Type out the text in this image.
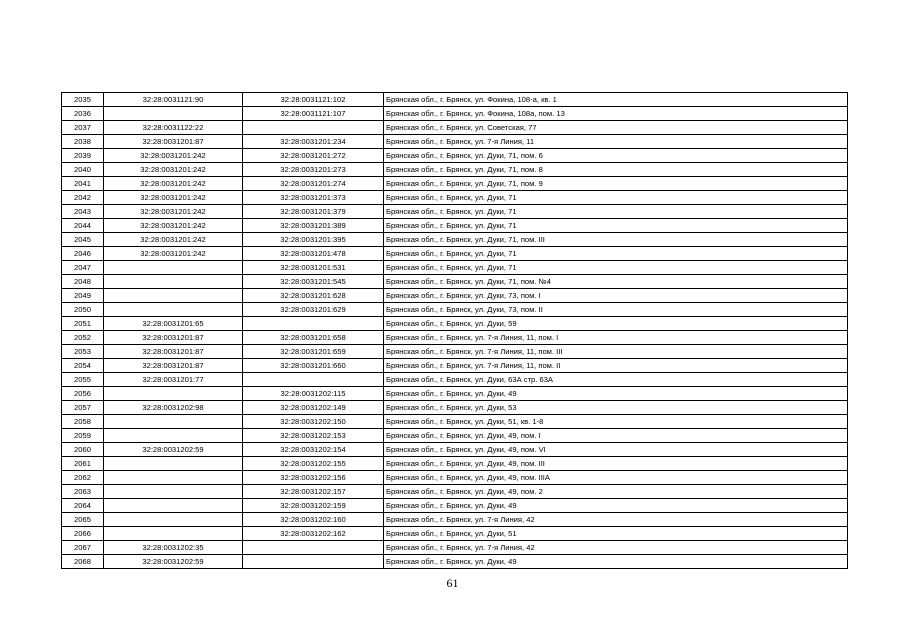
2035	32:28:0031121:90	32:28:0031121:102	Брянская обл., г. Брянск, ул. Фокина, 108-а, кв. 1
2036		32:28:0031121:107	Брянская обл., г. Брянск, ул. Фокина, 108а, пом. 13
2037	32:28:0031122:22		Брянская обл., г. Брянск, ул. Советская, 77
2038	32:28:0031201:87	32:28:0031201:234	Брянская обл., г. Брянск, ул. 7-я Линия, 11
2039	32:28:0031201:242	32:28:0031201:272	Брянская обл., г. Брянск, ул. Дуки, 71, пом. 6
2040	32:28:0031201:242	32:28:0031201:273	Брянская обл., г. Брянск, ул. Дуки, 71, пом. 8
2041	32:28:0031201:242	32:28:0031201:274	Брянская обл., г. Брянск, ул. Дуки, 71, пом. 9
2042	32:28:0031201:242	32:28:0031201:373	Брянская обл., г. Брянск, ул. Дуки, 71
2043	32:28:0031201:242	32:28:0031201:379	Брянская обл., г. Брянск, ул. Дуки, 71
2044	32:28:0031201:242	32:28:0031201:389	Брянская обл., г. Брянск, ул. Дуки, 71
2045	32:28:0031201:242	32:28:0031201:395	Брянская обл., г. Брянск, ул. Дуки, 71, пом. III
2046	32:28:0031201:242	32:28:0031201:478	Брянская обл., г. Брянск, ул. Дуки, 71
2047		32:28:0031201:531	Брянская обл., г. Брянск, ул. Дуки, 71
2048		32:28:0031201:545	Брянская обл., г. Брянск, ул. Дуки, 71, пом. №4
2049		32:28:0031201:628	Брянская обл., г. Брянск, ул. Дуки, 73, пом. I
2050		32:28:0031201:629	Брянская обл., г. Брянск, ул. Дуки, 73, пом. II
2051	32:28:0031201:65		Брянская обл., г. Брянск, ул. Дуки, 59
2052	32:28:0031201:87	32:28:0031201:658	Брянская обл., г. Брянск, ул. 7-я Линия, 11, пом. I
2053	32:28:0031201:87	32:28:0031201:659	Брянская обл., г. Брянск, ул. 7-я Линия, 11, пом. III
2054	32:28:0031201:87	32:28:0031201:660	Брянская обл., г. Брянск, ул. 7-я Линия, 11, пом. II
2055	32:28:0031201:77		Брянская обл., г. Брянск, ул. Дуки, 63А стр. 63А
2056		32:28:0031202:115	Брянская обл., г. Брянск, ул. Дуки, 49
2057	32:28:0031202:98	32:28:0031202:149	Брянская обл., г. Брянск, ул. Дуки, 53
2058		32:28:0031202:150	Брянская обл., г. Брянск, ул. Дуки, 51, кв. 1-8
2059		32:28:0031202:153	Брянская обл., г. Брянск, ул. Дуки, 49, пом. I
2060	32:28:0031202:59	32:28:0031202:154	Брянская обл., г. Брянск, ул. Дуки, 49, пом. VI
2061		32:28:0031202:155	Брянская обл., г. Брянск, ул. Дуки, 49, пом. III
2062		32:28:0031202:156	Брянская обл., г. Брянск, ул. Дуки, 49, пом. IIIА
2063		32:28:0031202:157	Брянская обл., г. Брянск, ул. Дуки, 49, пом. 2
2064		32:28:0031202:159	Брянская обл., г. Брянск, ул. Дуки, 49
2065		32:28:0031202:160	Брянская обл., г. Брянск, ул. 7-я Линия, 42
2066		32:28:0031202:162	Брянская обл., г. Брянск, ул. Дуки, 51
2067	32:28:0031202:35		Брянская обл., г. Брянск, ул. 7-я Линия, 42
2068	32:28:0031202:59		Брянская обл., г. Брянск, ул. Дуки, 49
61
